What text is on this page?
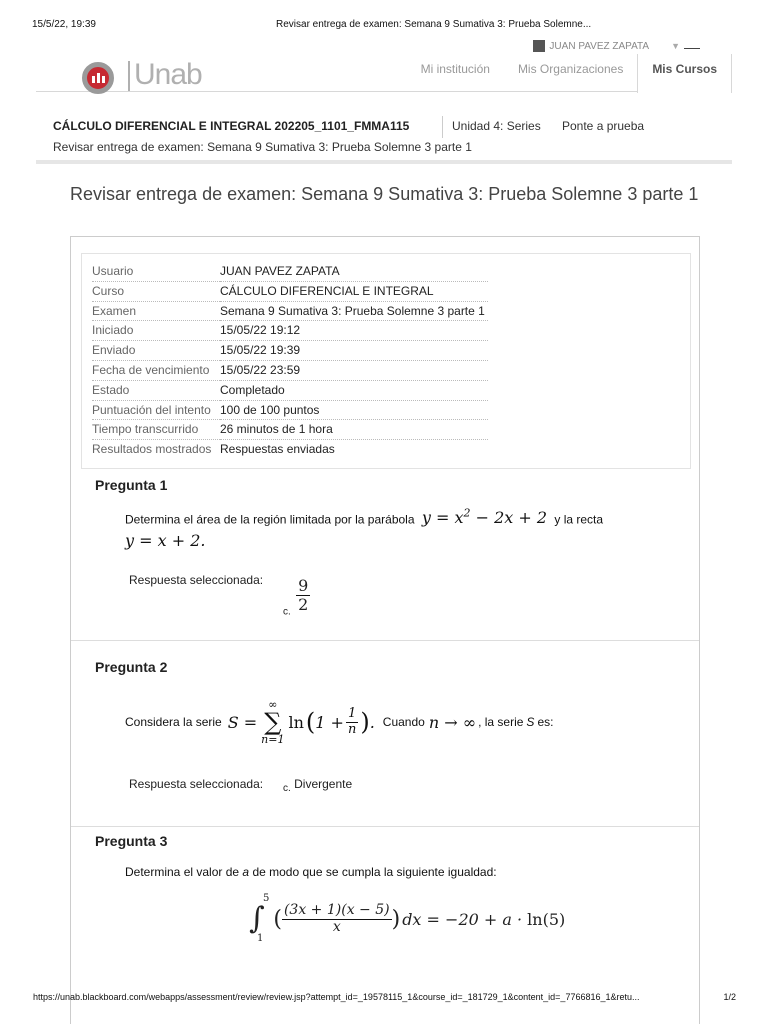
15/5/22, 19:39	Revisar entrega de examen: Semana 9 Sumativa 3: Prueba Solemne...
Unab
JUAN PAVEZ ZAPATA ▼
Mi institución	Mis Organizaciones	Mis Cursos
CÁLCULO DIFERENCIAL E INTEGRAL 202205_1101_FMMA115	Unidad 4: Series Ponte a prueba
Revisar entrega de examen: Semana 9 Sumativa 3: Prueba Solemne 3 parte 1
Revisar entrega de examen: Semana 9 Sumativa 3: Prueba Solemne 3 parte 1
Usuario	JUAN PAVEZ ZAPATA
Curso	CÁLCULO DIFERENCIAL E INTEGRAL
Examen	Semana 9 Sumativa 3: Prueba Solemne 3 parte 1
Iniciado	15/05/22 19:12
Enviado	15/05/22 19:39
Fecha de vencimiento 15/05/22 23:59
Estado	Completado
Puntuación del intento 100 de 100 puntos
Tiempo transcurrido	26 minutos de 1 hora
Resultados mostrados Respuestas enviadas
Pregunta 1
Determina el área de la región limitada por la parábola $y = x^2 - 2x + 2$ y la recta
y = x + 2.
Respuesta seleccionada:
$_{c.} \frac{9}{2}$
Pregunta 2
Considera la serie S =
∞
∑
n=1
ln ( $1 + \frac{1}{n}$ ) . Cuando n → ∞ , la serie S es:
Respuesta seleccionada: $_{c.}$ Divergente
Pregunta 3
Determina el valor de a de modo que se cumpla la siguiente igualdad:
5
∫
1
( $\frac{(3x + 1)(x - 5)}{x}$ ) dx = −20 + a · ln(5)
https://unab.blackboard.com/webapps/assessment/review/review.jsp?attempt_id=_19578115_1&course_id=_181729_1&content_id=_7766816_1&retu...	1/2
